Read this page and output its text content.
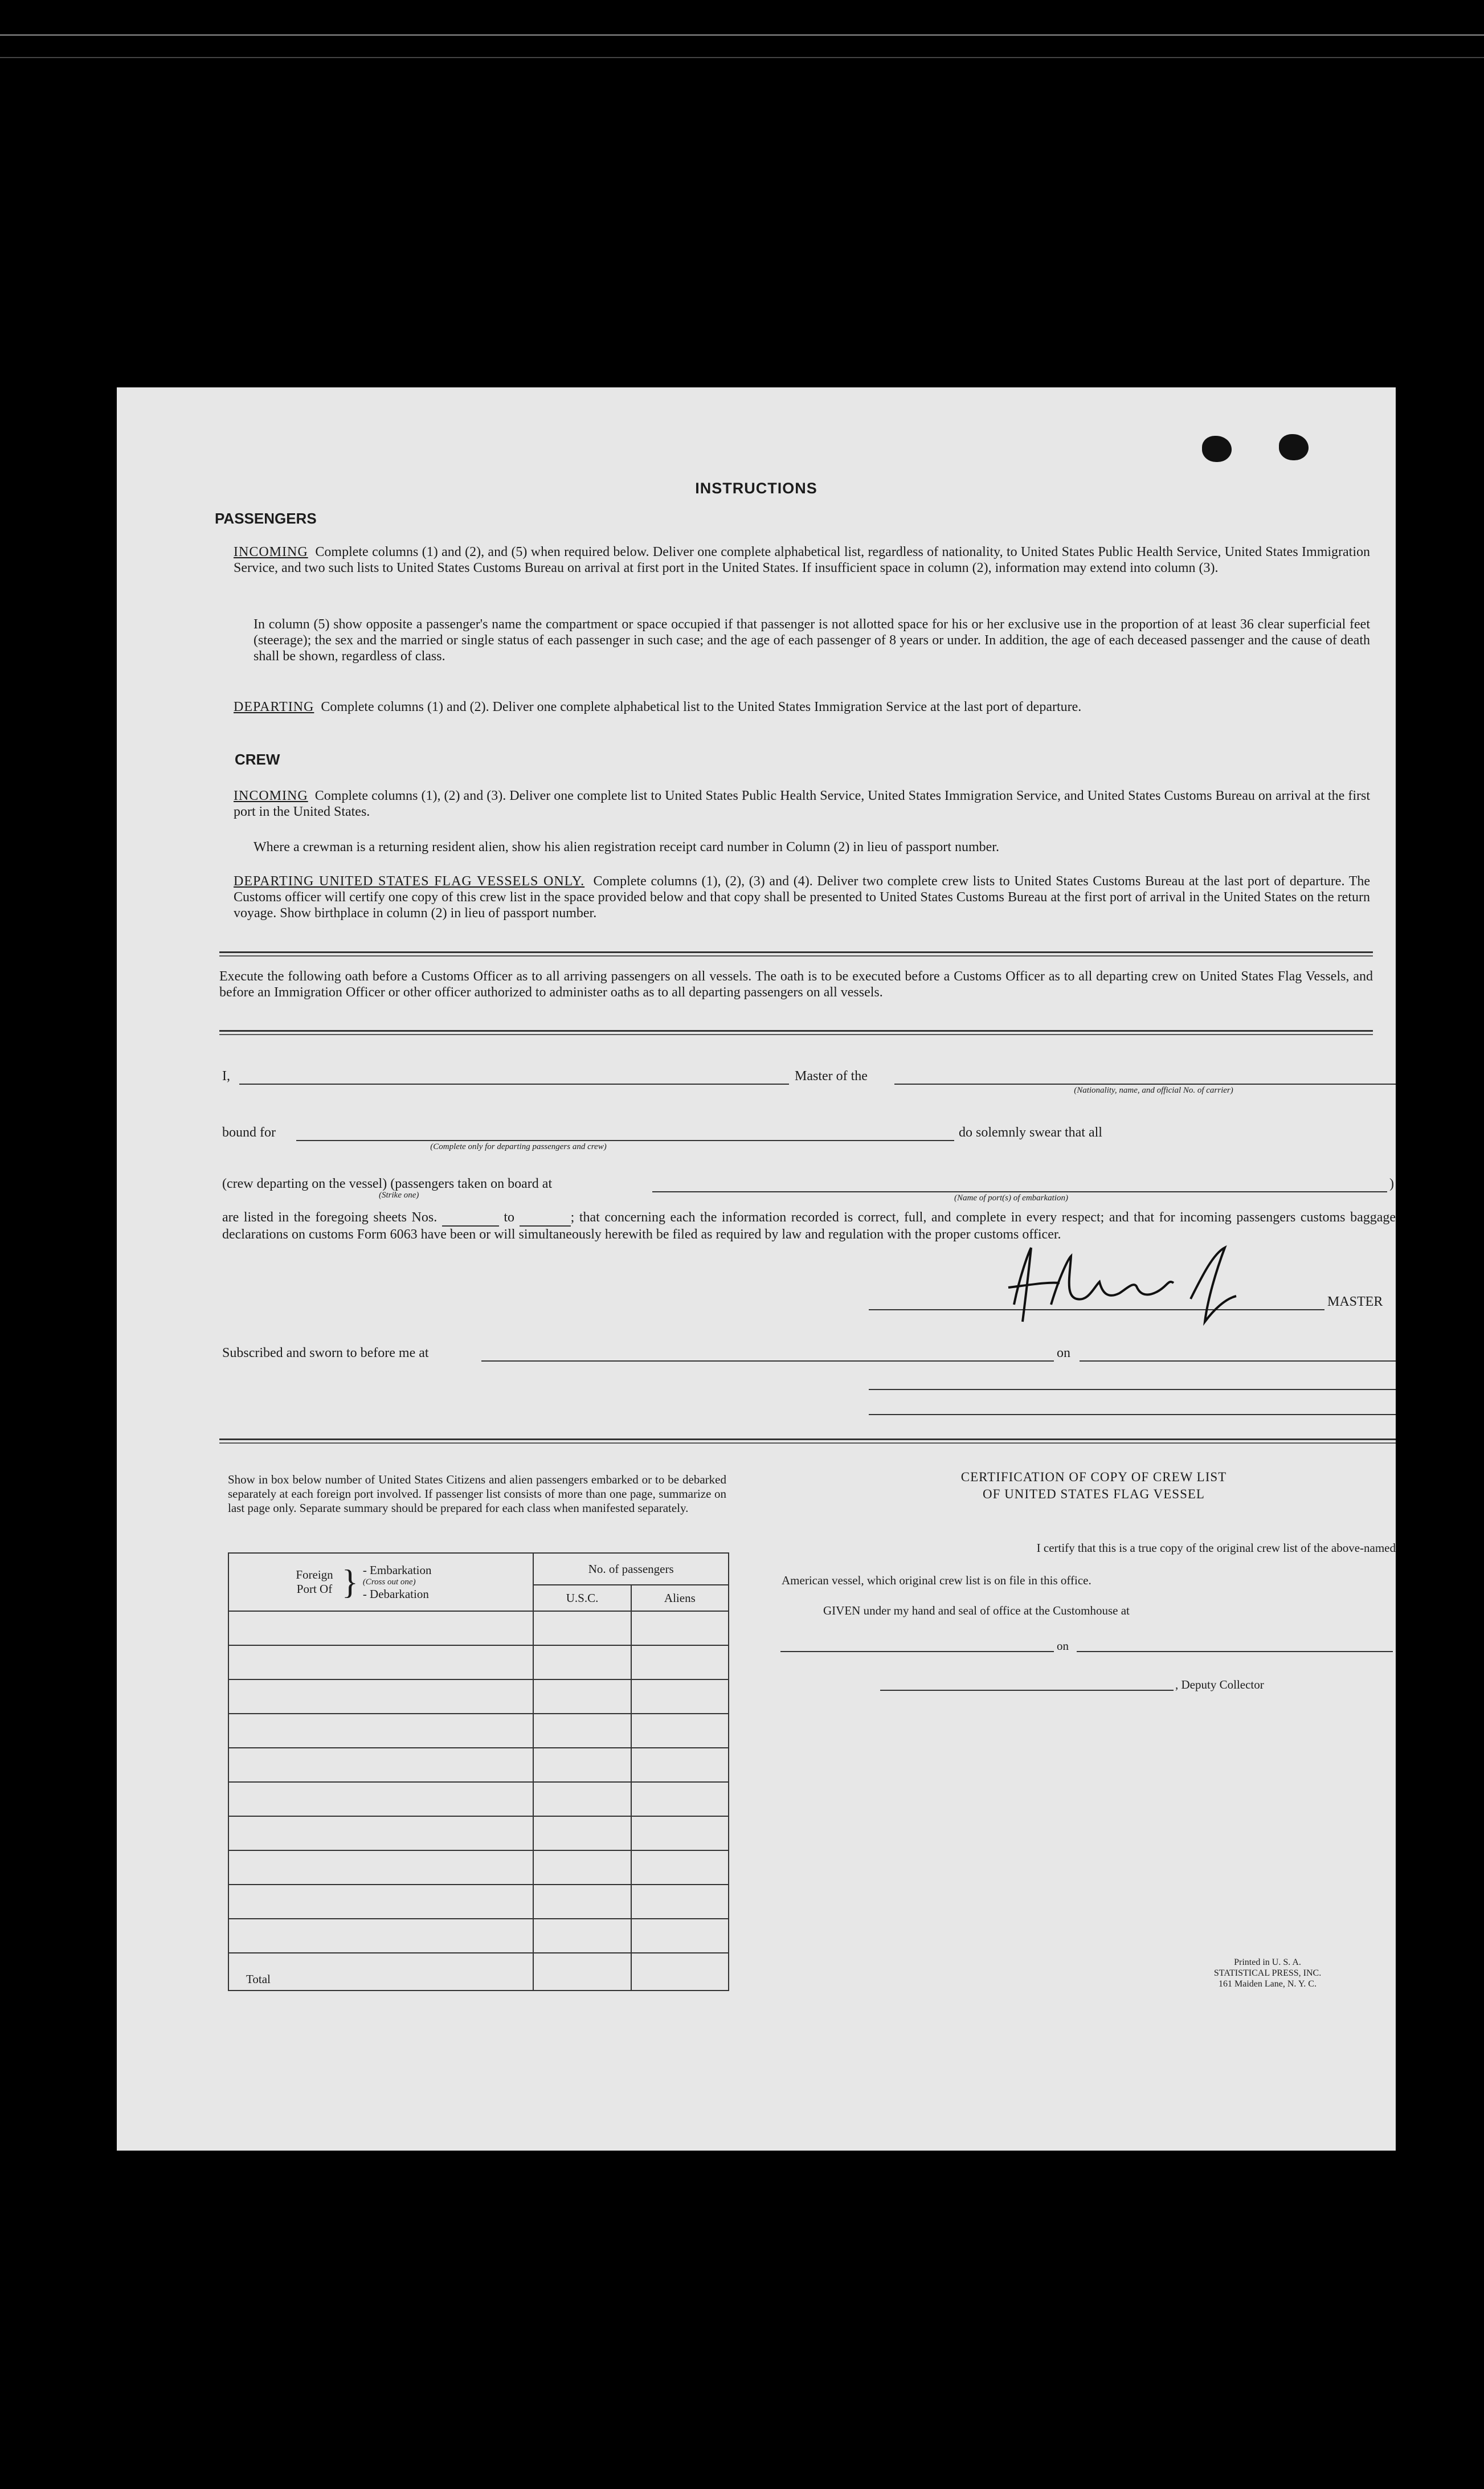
INSTRUCTIONS
PASSENGERS
INCOMING Complete columns (1) and (2), and (5) when required below. Deliver one complete alphabetical list, regardless of nationality, to United States Public Health Service, United States Immigration Service, and two such lists to United States Customs Bureau on arrival at first port in the United States. If insufficient space in column (2), information may extend into column (3).
In column (5) show opposite a passenger's name the compartment or space occupied if that passenger is not allotted space for his or her exclusive use in the proportion of at least 36 clear superficial feet (steerage); the sex and the married or single status of each passenger in such case; and the age of each passenger of 8 years or under. In addition, the age of each deceased passenger and the cause of death shall be shown, regardless of class.
DEPARTING Complete columns (1) and (2). Deliver one complete alphabetical list to the United States Immigration Service at the last port of departure.
CREW
INCOMING Complete columns (1), (2) and (3). Deliver one complete list to United States Public Health Service, United States Immigration Service, and United States Customs Bureau on arrival at the first port in the United States.
Where a crewman is a returning resident alien, show his alien registration receipt card number in Column (2) in lieu of passport number.
DEPARTING UNITED STATES FLAG VESSELS ONLY. Complete columns (1), (2), (3) and (4). Deliver two complete crew lists to United States Customs Bureau at the last port of departure. The Customs officer will certify one copy of this crew list in the space provided below and that copy shall be presented to United States Customs Bureau at the first port of arrival in the United States on the return voyage. Show birthplace in column (2) in lieu of passport number.
Execute the following oath before a Customs Officer as to all arriving passengers on all vessels. The oath is to be executed before a Customs Officer as to all departing crew on United States Flag Vessels, and before an Immigration Officer or other officer authorized to administer oaths as to all departing passengers on all vessels.
I,	Master of the
(Nationality, name, and official No. of carrier)
bound for
(Complete only for departing passengers and crew)
do solemnly swear that all
(crew departing on the vessel) (passengers taken on board at
(Strike one)
)
(Name of port(s) of embarkation)
are listed in the foregoing sheets Nos.	to	; that concerning each the information recorded is correct, full, and complete in every respect; and that for incoming passengers customs baggage declarations on customs Form 6063 have been or will simultaneously herewith be filed as required by law and regulation with the proper customs officer.
MASTER
Subscribed and sworn to before me at	on
Show in box below number of United States Citizens and alien passengers embarked or to be debarked separately at each foreign port involved. If passenger list consists of more than one page, summarize on last page only. Separate summary should be prepared for each class when manifested separately.
Foreign Port Of } - Embarkation
(Cross out one)
- Debarkation	No. of passengers	
	U.S.C.	Aliens

Total		
CERTIFICATION OF COPY OF CREW LIST
OF UNITED STATES FLAG VESSEL
I certify that this is a true copy of the original crew list of the above-named
American vessel, which original crew list is on file in this office.
GIVEN under my hand and seal of office at the Customhouse at
on
, Deputy Collector
Printed in U. S. A.
STATISTICAL PRESS, INC.
161 Maiden Lane, N. Y. C.
